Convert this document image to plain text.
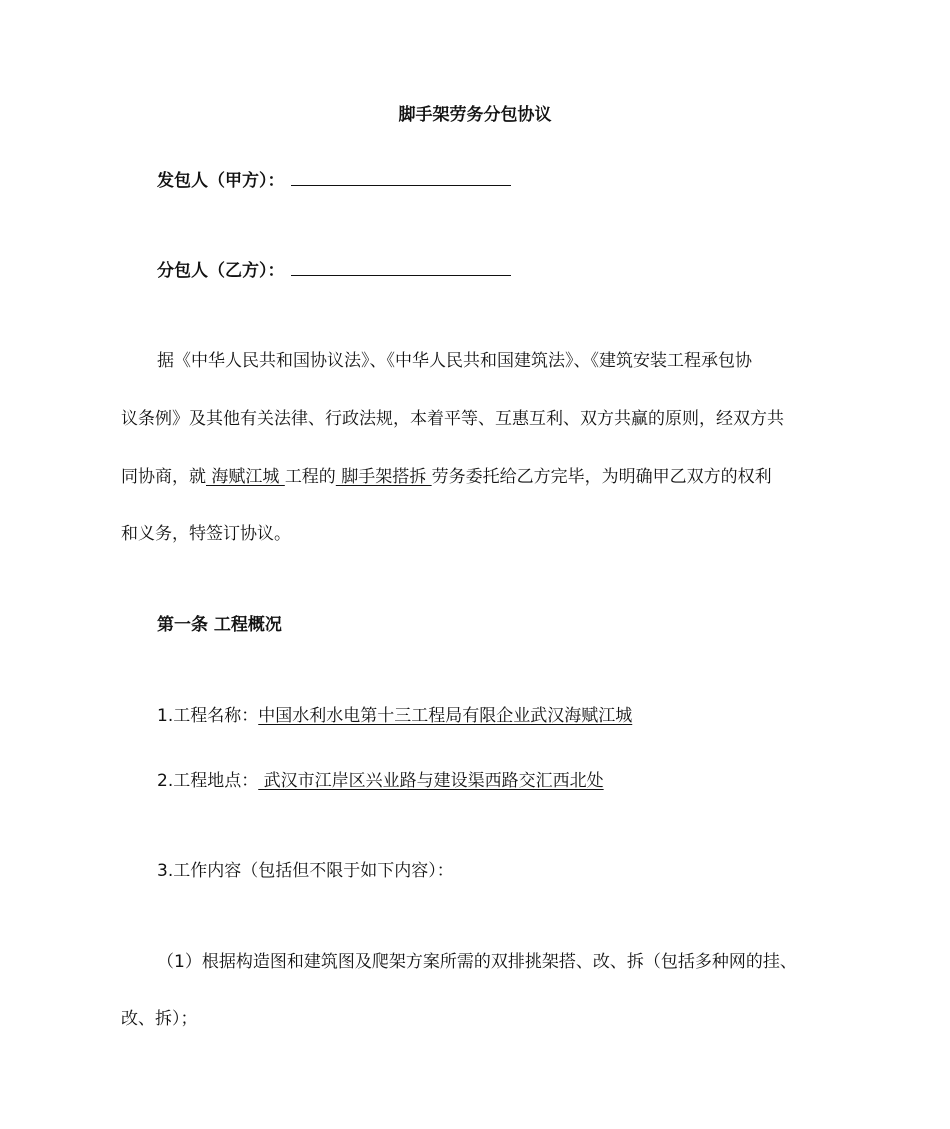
脚手架劳务分包协议
发包人（甲方）：
分包人（乙方）：
据《中华人民共和国协议法》、《中华人民共和国建筑法》、《建筑安装工程承包协
议条例》及其他有关法律、行政法规，本着平等、互惠互利、双方共赢的原则，经双方共
同协商，就 海赋江城 工程的 脚手架搭拆 劳务委托给乙方完毕，为明确甲乙双方的权利
和义务，特签订协议。
第一条 工程概况
1.工程名称：中国水利水电第十三工程局有限企业武汉海赋江城
2.工程地点： 武汉市江岸区兴业路与建设渠西路交汇西北处
3.工作内容（包括但不限于如下内容）：
（1）根据构造图和建筑图及爬架方案所需的双排挑架搭、改、拆（包括多种网的挂、
改、拆）；
